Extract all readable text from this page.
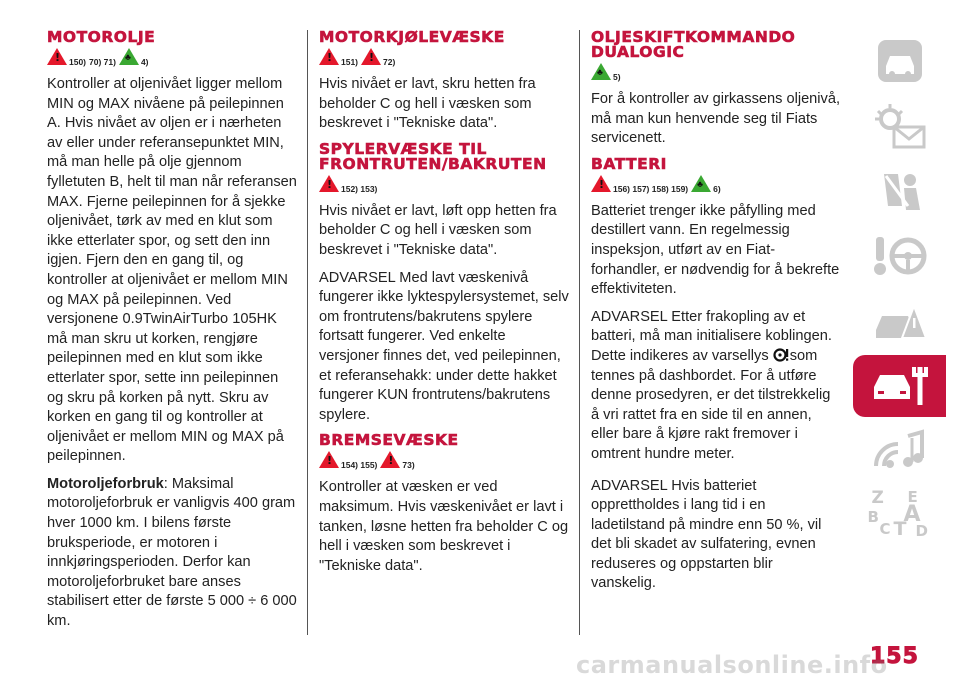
MOTOROLJE
!
150) 70) 71) ♣	4)

Kontroller at oljenivået ligger mellom MIN og MAX nivåene på peilepinnen A. Hvis nivået av oljen er i nærheten av eller under referansepunktet MIN, må man helle på olje gjennom fylletuten B, helt til man når referansen MAX. Fjerne peilepinnen for å sjekke oljenivået, tørk av med en klut som ikke etterlater spor, og sett den inn igjen. Fjern den en gang til, og kontroller at oljenivået er mellom MIN og MAX på peilepinnen. Ved versjonene 0.9TwinAirTurbo 105HK må man skru ut korken, rengjøre peilepinnen med en klut som ikke etterlater spor, sette inn peilepinnen og skru på korken på nytt. Skru av korken en gang til og kontroller at oljenivået er mellom MIN og MAX på peilepinnen.

Motoroljeforbruk: Maksimal motoroljeforbruk er vanligvis 400 gram hver 1000 km. I bilens første bruksperiode, er motoren i innkjøringsperioden. Derfor kan motoroljeforbruket bare anses stabilisert etter de første 5 000 ÷ 6 000 km.

MOTORKJØLEVÆSKE
!
151) !	72)

Hvis nivået er lavt, skru hetten fra beholder C og hell i væsken som beskrevet i "Tekniske data".

SPYLERVÆSKE TIL
FRONTRUTEN/BAKRUTEN
!
152) 153)

Hvis nivået er lavt, løft opp hetten fra beholder C og hell i væsken som beskrevet i "Tekniske data".

ADVARSEL Med lavt væskenivå fungerer ikke lyktespylersystemet, selv om frontrutens/bakrutens spylere fortsatt fungerer. Ved enkelte versjoner finnes det, ved peilepinnen, et referansehakk: under dette hakket fungerer KUN frontrutens/bakrutens spylere.

BREMSEVÆSKE
!
154) 155) !	73)

Kontroller at væsken er ved maksimum. Hvis væskenivået er lavt i tanken, løsne hetten fra beholder C og hell i væsken som beskrevet i "Tekniske data".

OLJESKIFTKOMMANDO
DUALOGIC
♣
5)

For å kontroller av girkassens oljenivå, må man kun henvende seg til Fiats servicenett.

BATTERI
!
156) 157) 158) 159) ♣	6)

Batteriet trenger ikke påfylling med destillert vann. En regelmessig inspeksjon, utført av en Fiat-forhandler, er nødvendig for å bekrefte effektiviteten.

ADVARSEL Etter frakopling av et batteri, må man initialisere koblingen. Dette indikeres av varsellys som tennes på dashbordet. For å utføre denne prosedyren, er det tilstrekkelig å vri rattet fra en side til en annen, eller bare å kjøre rakt fremover i omtrent hundre meter.

ADVARSEL Hvis batteriet opprettholdes i lang tid i en ladetilstand på mindre enn 50 %, vil det bli skadet av sulfatering, evnen reduseres og oppstarten blir vanskelig.

Z E
B A
C T D
155
carmanualsonline.info
